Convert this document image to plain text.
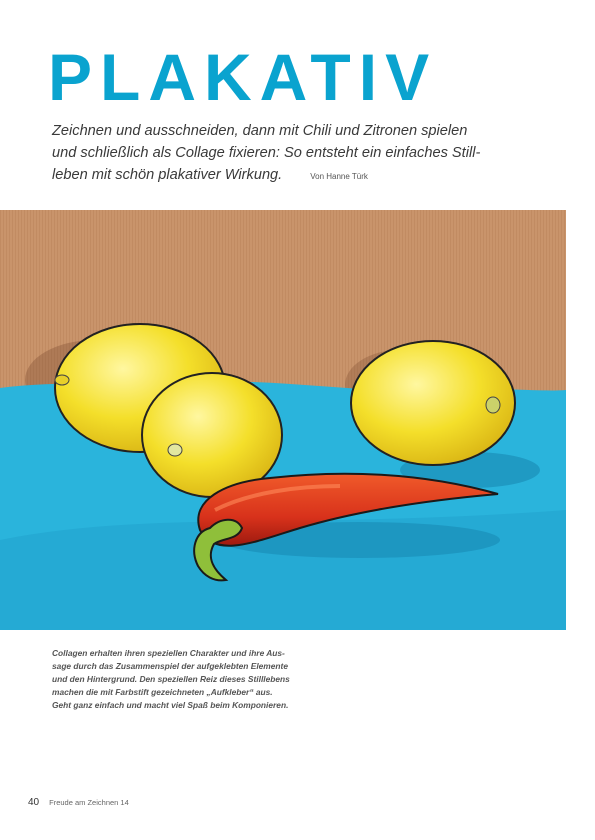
PLAKATIV
Zeichnen und ausschneiden, dann mit Chili und Zitronen spielen
und schließlich als Collage fixieren: So entsteht ein einfaches Still-
leben mit schön plakativer Wirkung.	Von Hanne Türk
Collagen erhalten ihren speziellen Charakter und ihre Aus-
sage durch das Zusammenspiel der aufgeklebten Elemente
und den Hintergrund. Den speziellen Reiz dieses Stilllebens
machen die mit Farbstift gezeichneten „Aufkleber“ aus.
Geht ganz einfach und macht viel Spaß beim Komponieren.
40 Freude am Zeichnen 14
